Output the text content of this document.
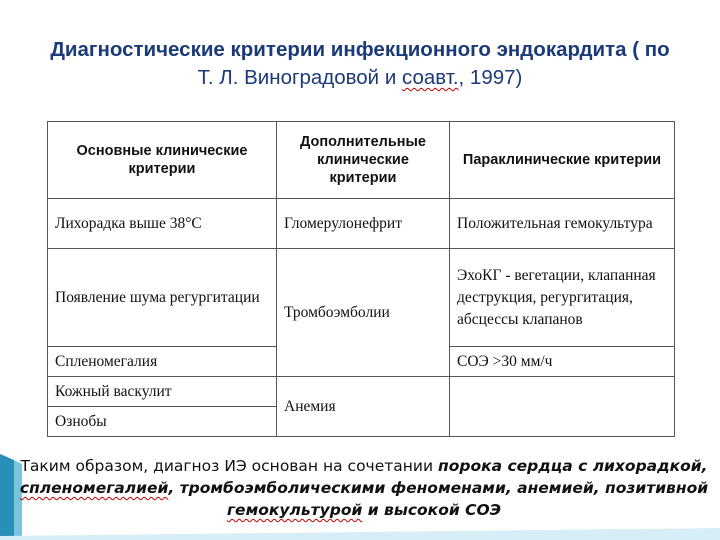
Диагностические критерии инфекционного эндокардита ( по
Т. Л. Виноградовой и соавт., 1997)
Основные клинические критерии	Дополнительные клинические критерии	Параклинические критерии
Лихорадка выше 38°С	Гломерулонефрит	Положительная гемокультура
Появление шума регургитации	Тромбоэмболии	ЭхоКГ - вегетации, клапанная деструкция, регургитация, абсцессы клапанов
Спленомегалия		СОЭ >30 мм/ч
Кожный васкулит	Анемия	
Ознобы		
Таким образом, диагноз ИЭ основан на сочетании порока сердца с лихорадкой, спленомегалией, тромбоэмболическими феноменами, анемией, позитивной гемокультурой и высокой СОЭ
